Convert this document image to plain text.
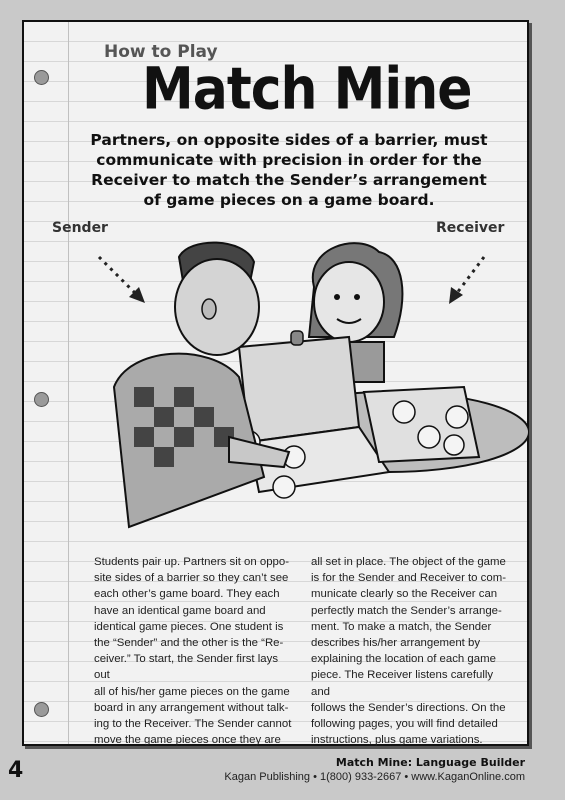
How to Play
Match Mine
Partners, on opposite sides of a barrier, must communicate with precision in order for the Receiver to match the Sender’s arrangement of game pieces on a game board.
Sender	Receiver
Students pair up. Partners sit on oppo-
site sides of a barrier so they can’t see
each other’s game board. They each
have an identical game board and
identical game pieces. One student is
the “Sender” and the other is the “Re-
ceiver.” To start, the Sender first lays out
all of his/her game pieces on the game
board in any arrangement without talk-
ing to the Receiver. The Sender cannot
move the game pieces once they are
all set in place. The object of the game
is for the Sender and Receiver to com-
municate clearly so the Receiver can
perfectly match the Sender’s arrange-
ment. To make a match, the Sender
describes his/her arrangement by
explaining the location of each game
piece. The Receiver listens carefully and
follows the Sender’s directions. On the
following pages, you will find detailed
instructions, plus game variations.
4	Match Mine: Language Builder
Kagan Publishing • 1(800) 933-2667 • www.KaganOnline.com
